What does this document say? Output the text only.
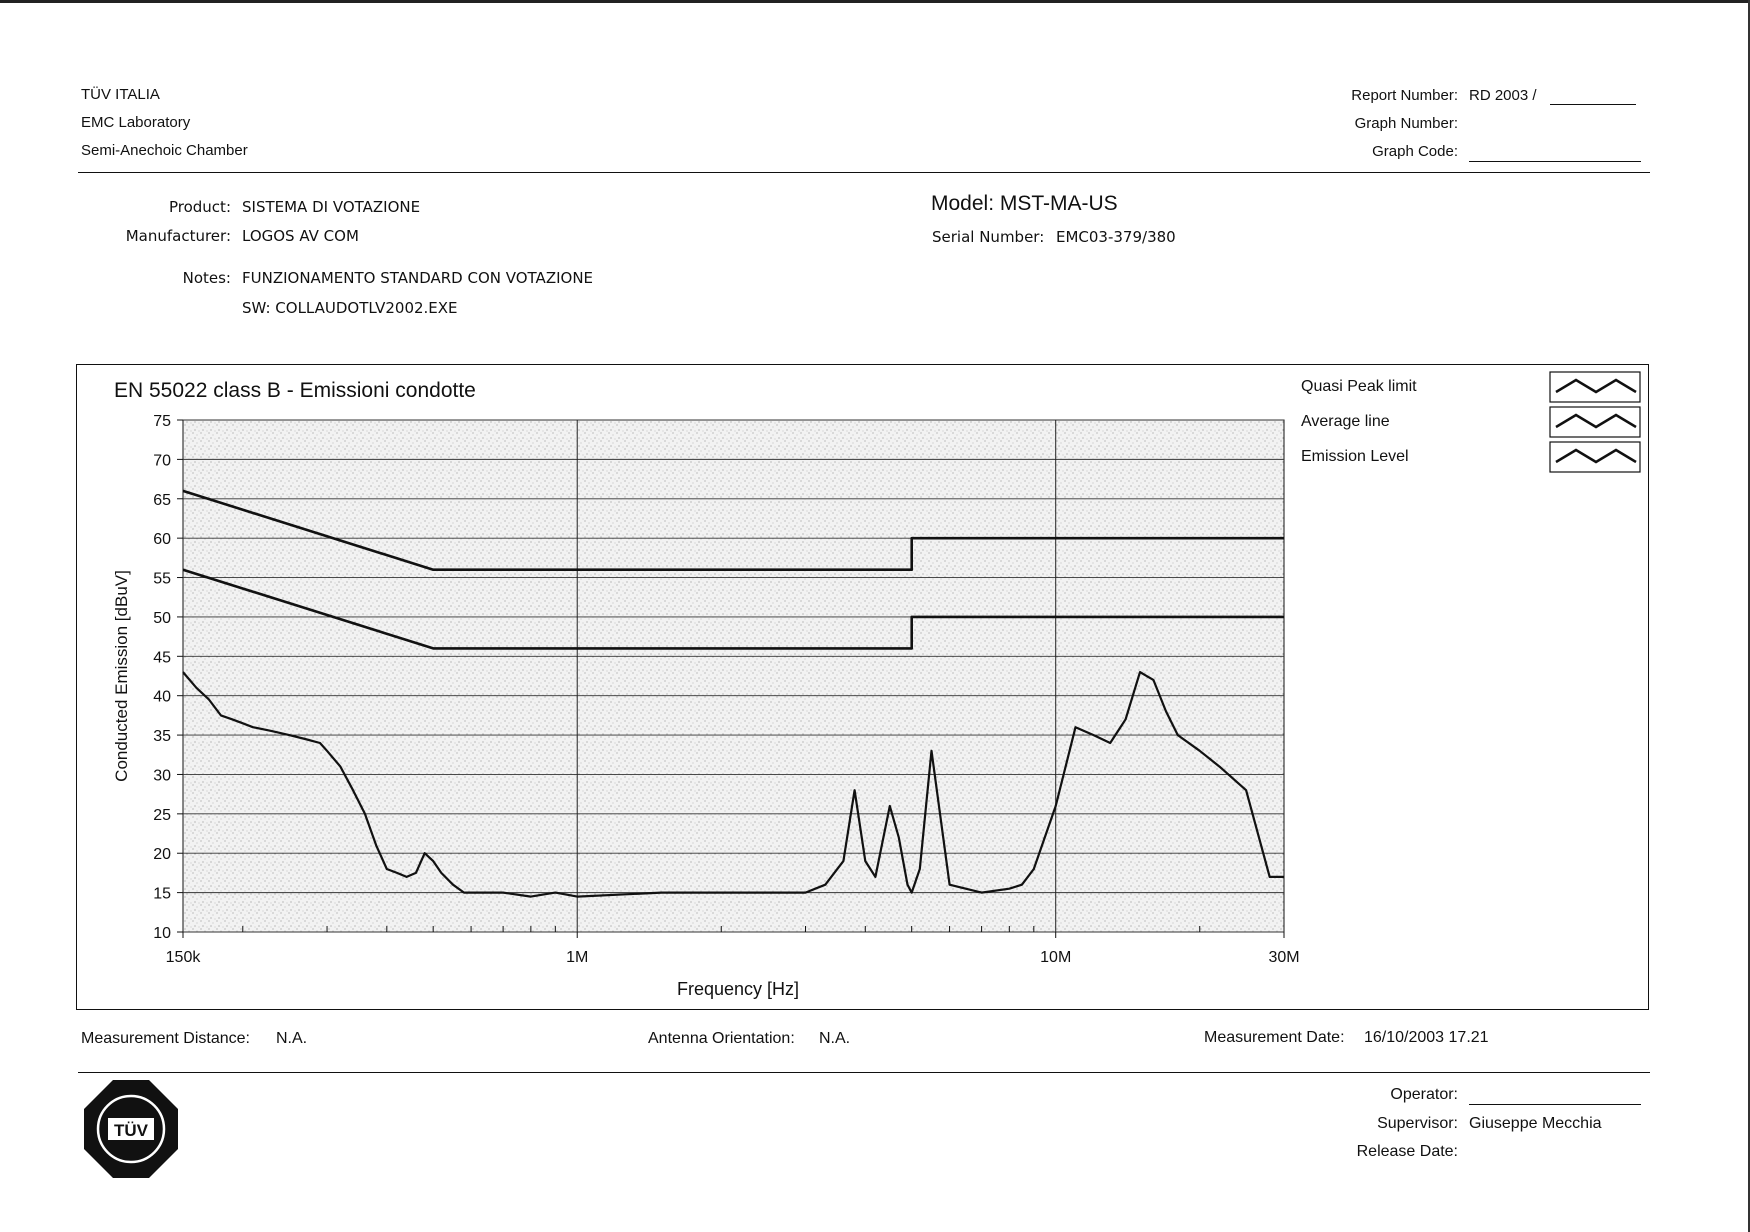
TÜV ITALIA
EMC Laboratory
Semi-Anechoic Chamber
Report Number: RD 2003 /
Graph Number:
Graph Code:
Product: SISTEMA DI VOTAZIONE
Manufacturer: LOGOS AV COM
Notes: FUNZIONAMENTO STANDARD CON VOTAZIONE
SW: COLLAUDOTLV2002.EXE
Model: MST-MA-US
Serial Number: EMC03-379/380
EN 55022 class B - Emissioni condotte
75
70
65
60
55
50
45
40
35
30
25
20
15
10
150k	1M	10M	30M
Quasi Peak limit
Average line
Emission Level
Frequency [Hz]
Conducted Emission [dBuV]
Measurement Distance: N.A.	Antenna Orientation: N.A.	Measurement Date: 16/10/2003 17.21
Operator:
Supervisor: Giuseppe Mecchia
Release Date:
TÜV
